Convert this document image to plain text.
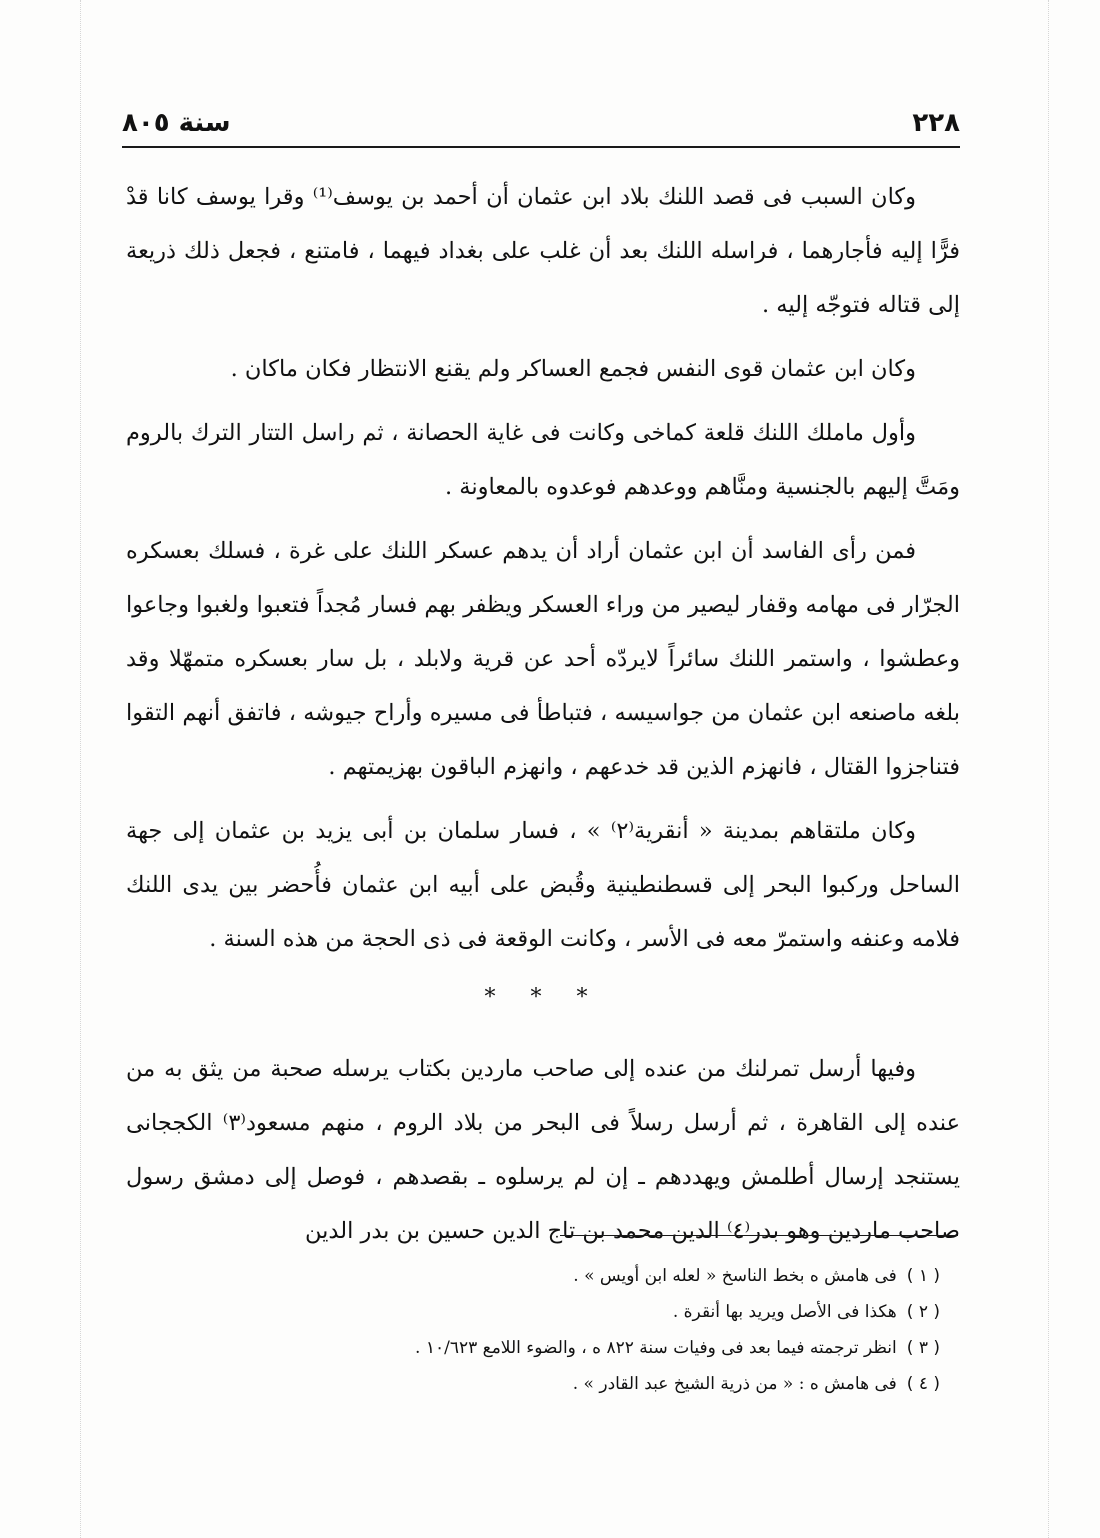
٢٢٨
سنة ٨٠٥

وكان السبب فى قصد اللنك بلاد ابن عثمان أن أحمد بن يوسف⁽¹⁾ وقرا يوسف كانا قدْ فرًّا إليه فأجارهما ، فراسله اللنك بعد أن غلب على بغداد فيهما ، فامتنع ، فجعل ذلك ذريعة إلى قتاله فتوجّه إليه .

وكان ابن عثمان قوى النفس فجمع العساكر ولم يقنع الانتظار فكان ماكان .

وأول ماملك اللنك قلعة كماخى وكانت فى غاية الحصانة ، ثم راسل التتار الترك بالروم ومَتَّ إليهم بالجنسية ومنَّاهم ووعدهم فوعدوه بالمعاونة .

فمن رأى الفاسد أن ابن عثمان أراد أن يدهم عسكر اللنك على غرة ، فسلك بعسكره الجرّار فى مهامه وقفار ليصير من وراء العسكر ويظفر بهم فسار مُجداً فتعبوا ولغبوا وجاعوا وعطشوا ، واستمر اللنك سائراً لايردّه أحد عن قرية ولابلد ، بل سار بعسكره متمهّلا وقد بلغه ماصنعه ابن عثمان من جواسيسه ، فتباطأ فى مسيره وأراح جيوشه ، فاتفق أنهم التقوا فتناجزوا القتال ، فانهزم الذين قد خدعهم ، وانهزم الباقون بهزيمتهم .

وكان ملتقاهم بمدينة « أنقرية⁽٢⁾ » ، فسار سلمان بن أبى يزيد بن عثمان إلى جهة الساحل وركبوا البحر إلى قسطنطينية وقُبض على أبيه ابن عثمان فأُحضر بين يدى اللنك فلامه وعنفه واستمرّ معه فى الأسر ، وكانت الوقعة فى ذى الحجة من هذه السنة .

* * *

وفيها أرسل تمرلنك من عنده إلى صاحب ماردين بكتاب يرسله صحبة من يثق به من عنده إلى القاهرة ، ثم أرسل رسلاً فى البحر من بلاد الروم ، منهم مسعود⁽٣⁾ الكججانى يستنجد إرسال أطلمش ويهددهم ـ إن لم يرسلوه ـ بقصدهم ، فوصل إلى دمشق رسول صاحب ماردين وهو بدر⁽٤⁾ الدين محمد بن تاج الدين حسين بن بدر الدين

( ١ )
فى هامش ه بخط الناسخ « لعله ابن أويس » .
( ٢ )
هكذا فى الأصل ويريد بها أنقرة .
( ٣ )
انظر ترجمته فيما بعد فى وفيات سنة ٨٢٢ ه ، والضوء اللامع ١٠/٦٢٣ .
( ٤ )
فى هامش ه : « من ذرية الشيخ عبد القادر » .
